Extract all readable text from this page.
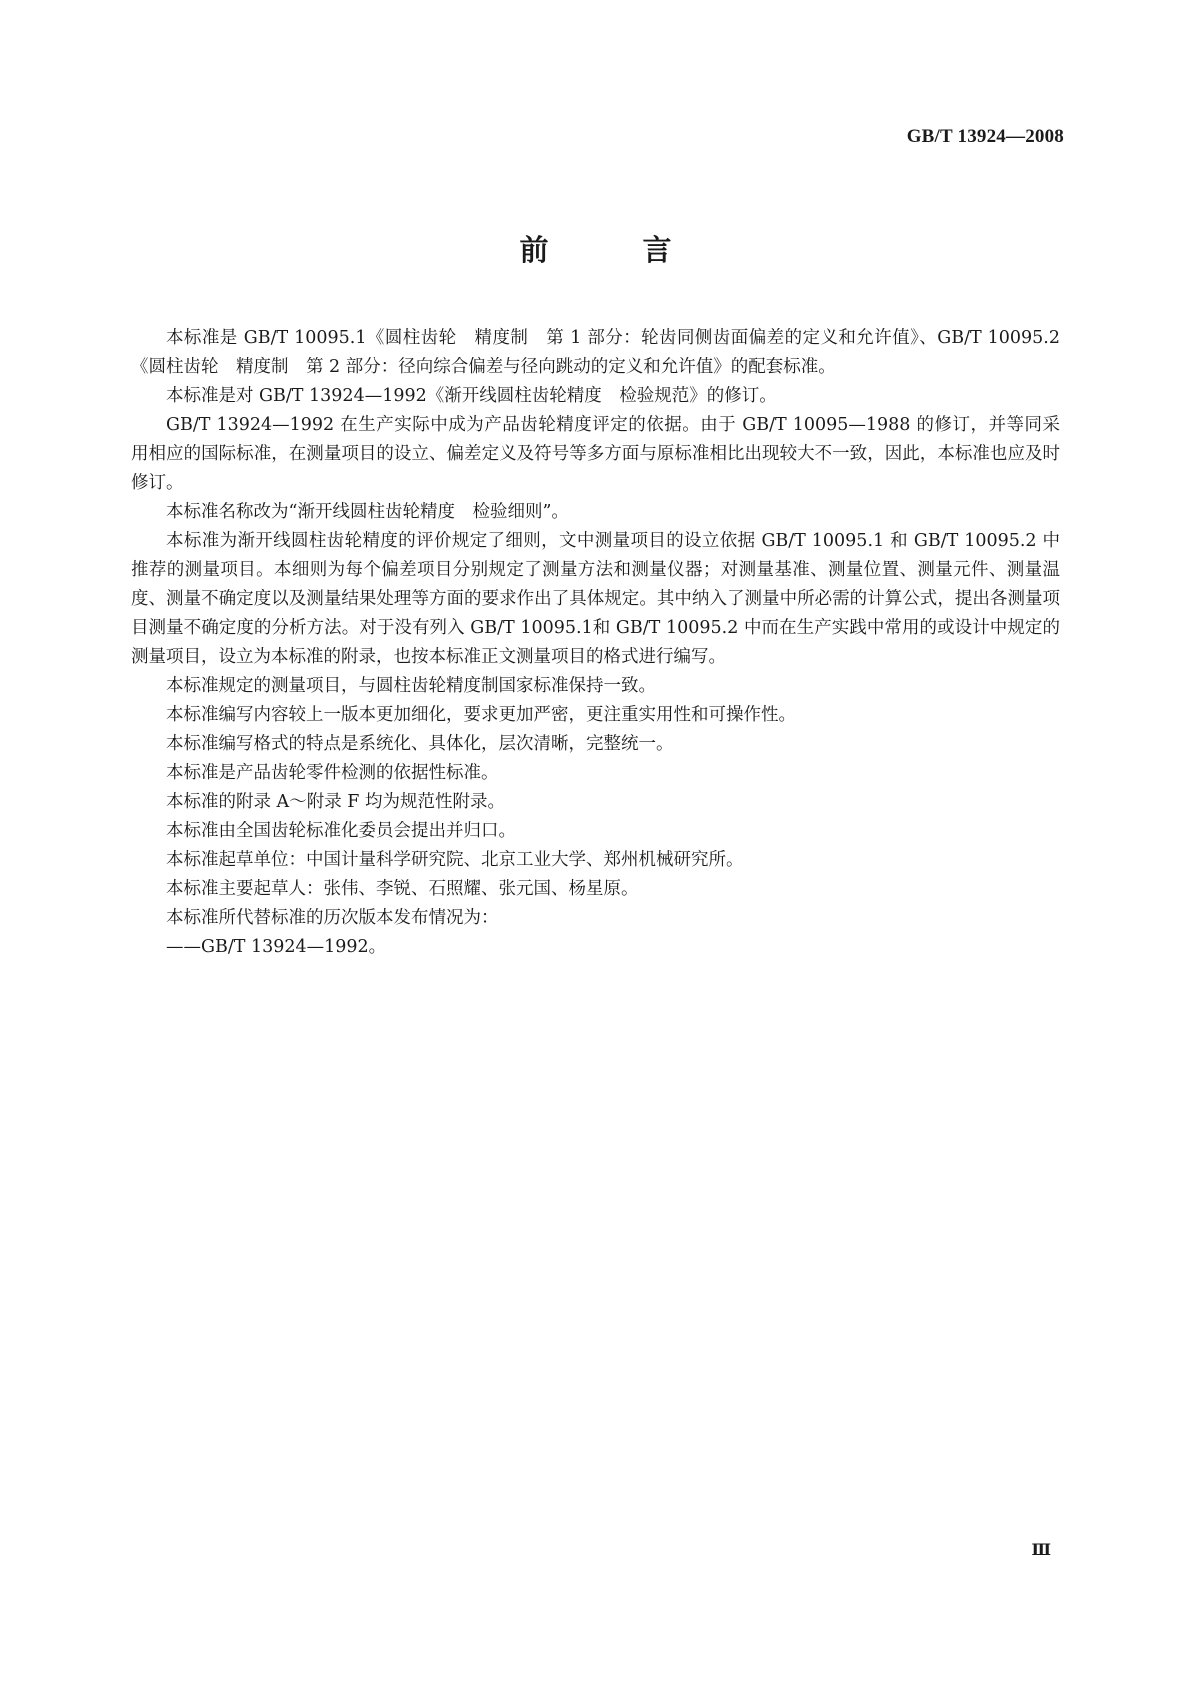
GB/T 13924—2008
前 言

本标准是 GB/T 10095.1《圆柱齿轮　精度制　第 1 部分：轮齿同侧齿面偏差的定义和允许值》、GB/T 10095.2《圆柱齿轮　精度制　第 2 部分：径向综合偏差与径向跳动的定义和允许值》的配套标准。

本标准是对 GB/T 13924—1992《渐开线圆柱齿轮精度　检验规范》的修订。

GB/T 13924—1992 在生产实际中成为产品齿轮精度评定的依据。由于 GB/T 10095—1988 的修订，并等同采用相应的国际标准，在测量项目的设立、偏差定义及符号等多方面与原标准相比出现较大不一致，因此，本标准也应及时修订。

本标准名称改为“渐开线圆柱齿轮精度　检验细则”。

本标准为渐开线圆柱齿轮精度的评价规定了细则，文中测量项目的设立依据 GB/T 10095.1 和 GB/T 10095.2 中推荐的测量项目。本细则为每个偏差项目分别规定了测量方法和测量仪器；对测量基准、测量位置、测量元件、测量温度、测量不确定度以及测量结果处理等方面的要求作出了具体规定。其中纳入了测量中所必需的计算公式，提出各测量项目测量不确定度的分析方法。对于没有列入 GB/T 10095.1和 GB/T 10095.2 中而在生产实践中常用的或设计中规定的测量项目，设立为本标准的附录，也按本标准正文测量项目的格式进行编写。

本标准规定的测量项目，与圆柱齿轮精度制国家标准保持一致。

本标准编写内容较上一版本更加细化，要求更加严密，更注重实用性和可操作性。

本标准编写格式的特点是系统化、具体化，层次清晰，完整统一。

本标准是产品齿轮零件检测的依据性标准。

本标准的附录 A～附录 F 均为规范性附录。

本标准由全国齿轮标准化委员会提出并归口。

本标准起草单位：中国计量科学研究院、北京工业大学、郑州机械研究所。

本标准主要起草人：张伟、李锐、石照耀、张元国、杨星原。

本标准所代替标准的历次版本发布情况为：

——GB/T 13924—1992。

Ⅲ
